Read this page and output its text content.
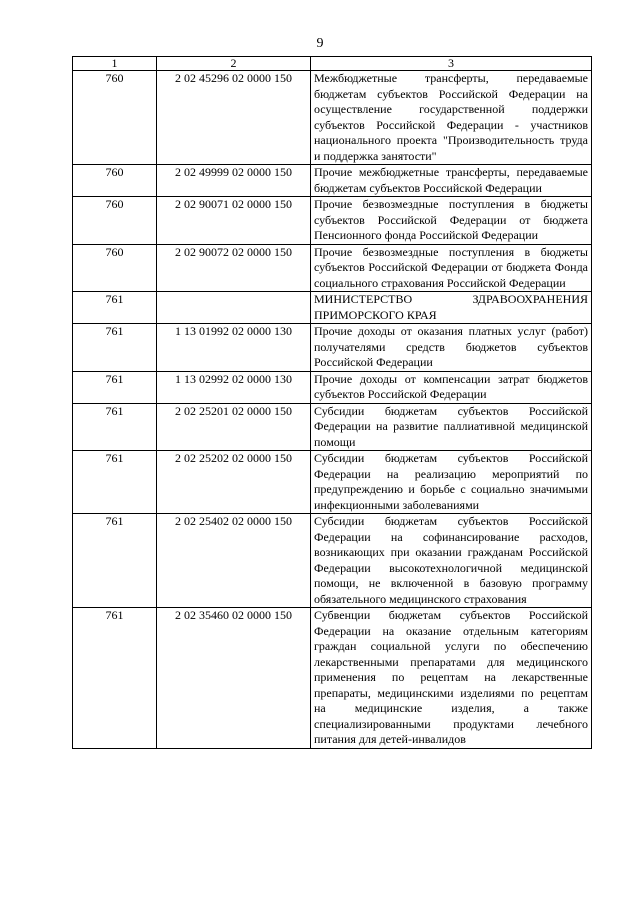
9
1	2	3
760	2 02 45296 02 0000 150	Межбюджетные трансферты, передаваемые бюджетам субъектов Российской Федерации на осуществление государственной поддержки субъектов Российской Федерации - участников национального проекта "Производительность труда и поддержка занятости"
760	2 02 49999 02 0000 150	Прочие межбюджетные трансферты, передаваемые бюджетам субъектов Российской Федерации
760	2 02 90071 02 0000 150	Прочие безвозмездные поступления в бюджеты субъектов Российской Федерации от бюджета Пенсионного фонда Российской Федерации
760	2 02 90072 02 0000 150	Прочие безвозмездные поступления в бюджеты субъектов Российской Федерации от бюджета Фонда социального страхования Российской Федерации
761		МИНИСТЕРСТВО ЗДРАВООХРАНЕНИЯ ПРИМОРСКОГО КРАЯ
761	1 13 01992 02 0000 130	Прочие доходы от оказания платных услуг (работ) получателями средств бюджетов субъектов Российской Федерации
761	1 13 02992 02 0000 130	Прочие доходы от компенсации затрат бюджетов субъектов Российской Федерации
761	2 02 25201 02 0000 150	Субсидии бюджетам субъектов Российской Федерации на развитие паллиативной медицинской помощи
761	2 02 25202 02 0000 150	Субсидии бюджетам субъектов Российской Федерации на реализацию мероприятий по предупреждению и борьбе с социально значимыми инфекционными заболеваниями
761	2 02 25402 02 0000 150	Субсидии бюджетам субъектов Российской Федерации на софинансирование расходов, возникающих при оказании гражданам Российской Федерации высокотехнологичной медицинской помощи, не включенной в базовую программу обязательного медицинского страхования
761	2 02 35460 02 0000 150	Субвенции бюджетам субъектов Российской Федерации на оказание отдельным категориям граждан социальной услуги по обеспечению лекарственными препаратами для медицинского применения по рецептам на лекарственные препараты, медицинскими изделиями по рецептам на медицинские изделия, а также специализированными продуктами лечебного питания для детей-инвалидов
